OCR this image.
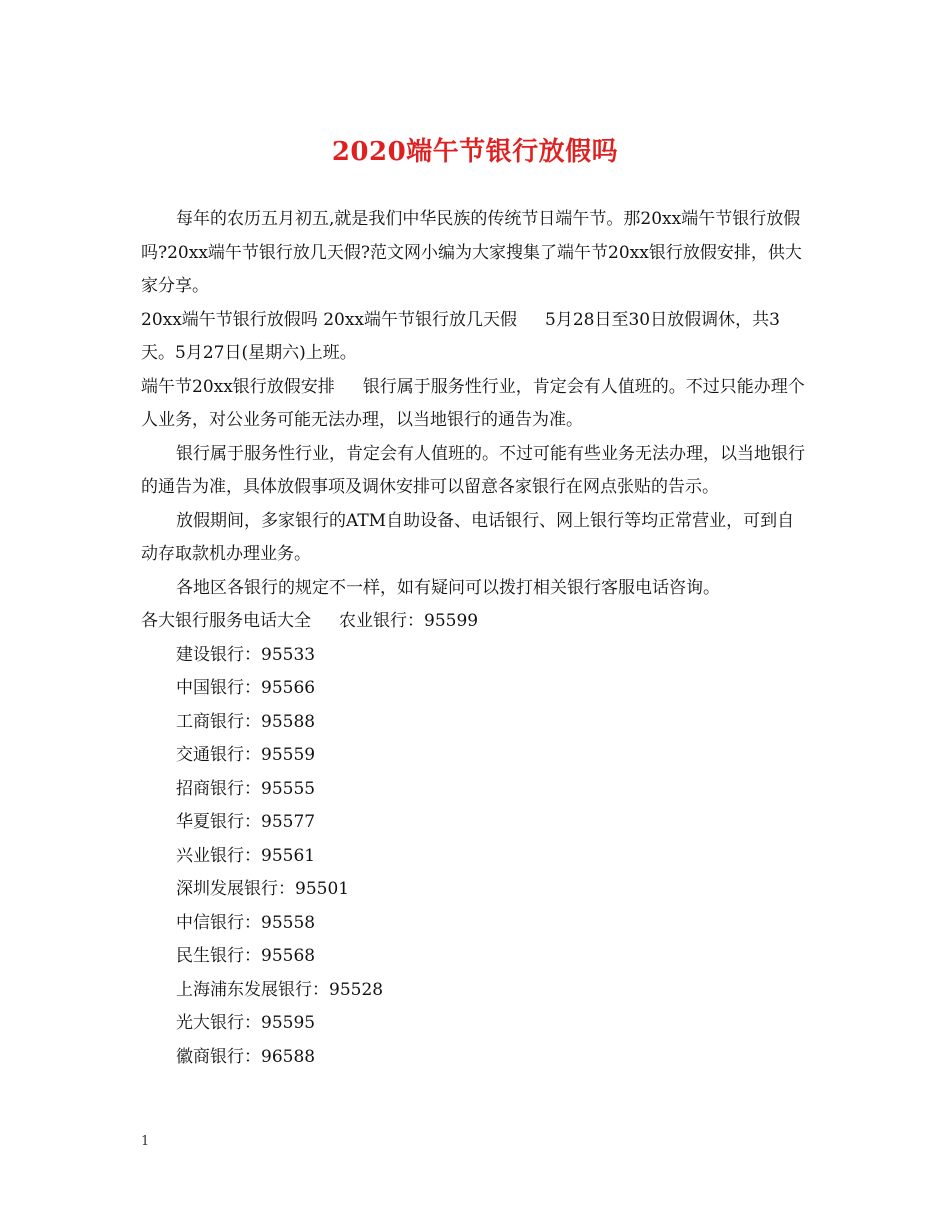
2020端午节银行放假吗

每年的农历五月初五,就是我们中华民族的传统节日端午节。那20xx端午节银行放假吗?20xx端午节银行放几天假?范文网小编为大家搜集了端午节20xx银行放假安排，供大家分享。

20xx端午节银行放假吗 20xx端午节银行放几天假 5月28日至30日放假调休，共3天。5月27日(星期六)上班。

端午节20xx银行放假安排 银行属于服务性行业，肯定会有人值班的。不过只能办理个人业务，对公业务可能无法办理，以当地银行的通告为准。

银行属于服务性行业，肯定会有人值班的。不过可能有些业务无法办理，以当地银行的通告为准，具体放假事项及调休安排可以留意各家银行在网点张贴的告示。

放假期间，多家银行的ATM自助设备、电话银行、网上银行等均正常营业，可到自动存取款机办理业务。

各地区各银行的规定不一样，如有疑问可以拨打相关银行客服电话咨询。

各大银行服务电话大全 农业银行：95599

建设银行：95533
中国银行：95566
工商银行：95588
交通银行：95559
招商银行：95555
华夏银行：95577
兴业银行：95561
深圳发展银行：95501
中信银行：95558
民生银行：95568
上海浦东发展银行：95528
光大银行：95595
徽商银行：96588
1
